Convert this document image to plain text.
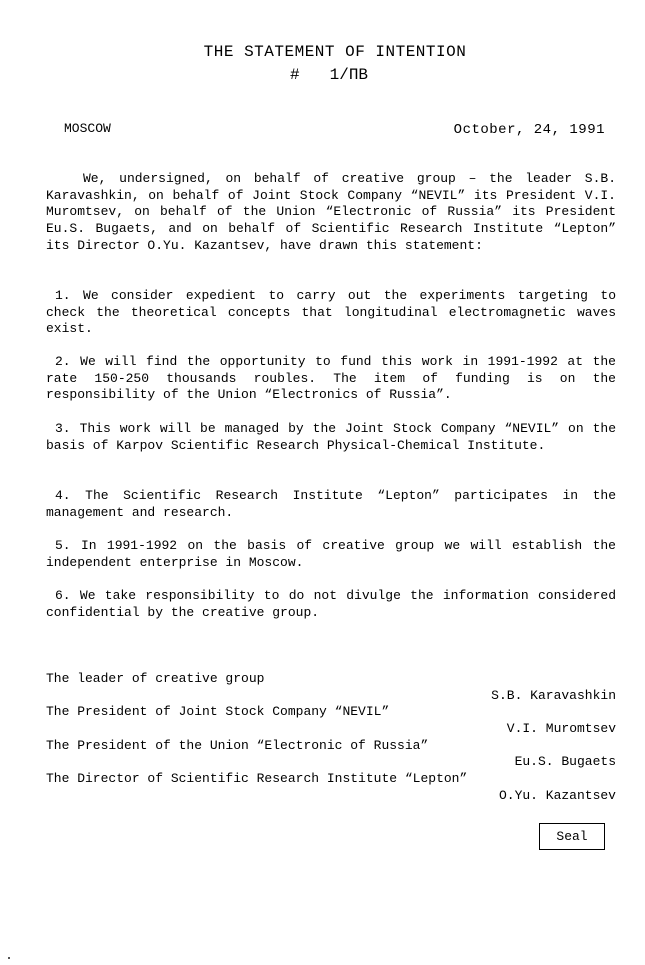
THE STATEMENT OF INTENTION
# 1/ПВ
MOSCOW	October, 24, 1991
We, undersigned, on behalf of creative group – the leader S.B. Karavashkin, on behalf of Joint Stock Company “NEVIL” its President V.I. Muromtsev, on behalf of the Union “Electronic of Russia” its President Eu.S. Bugaets, and on behalf of Scientific Research Institute “Lepton” its Director O.Yu. Kazantsev, have drawn this statement:
1. We consider expedient to carry out the experiments targeting to check the theoretical concepts that longitudinal electromagnetic waves exist.
2. We will find the opportunity to fund this work in 1991-1992 at the rate 150-250 thousands roubles. The item of funding is on the responsibility of the Union “Electronics of Russia”.
3. This work will be managed by the Joint Stock Company “NEVIL” on the basis of Karpov Scientific Research Physical-Chemical Institute.
4. The Scientific Research Institute “Lepton” participates in the management and research.
5. In 1991-1992 on the basis of creative group we will establish the independent enterprise in Moscow.
6. We take responsibility to do not divulge the information considered confidential by the creative group.
The leader of creative group
S.B. Karavashkin
The President of Joint Stock Company “NEVIL”
V.I. Muromtsev
The President of the Union “Electronic of Russia”
Eu.S. Bugaets
The Director of Scientific Research Institute “Lepton”
O.Yu. Kazantsev
Seal
